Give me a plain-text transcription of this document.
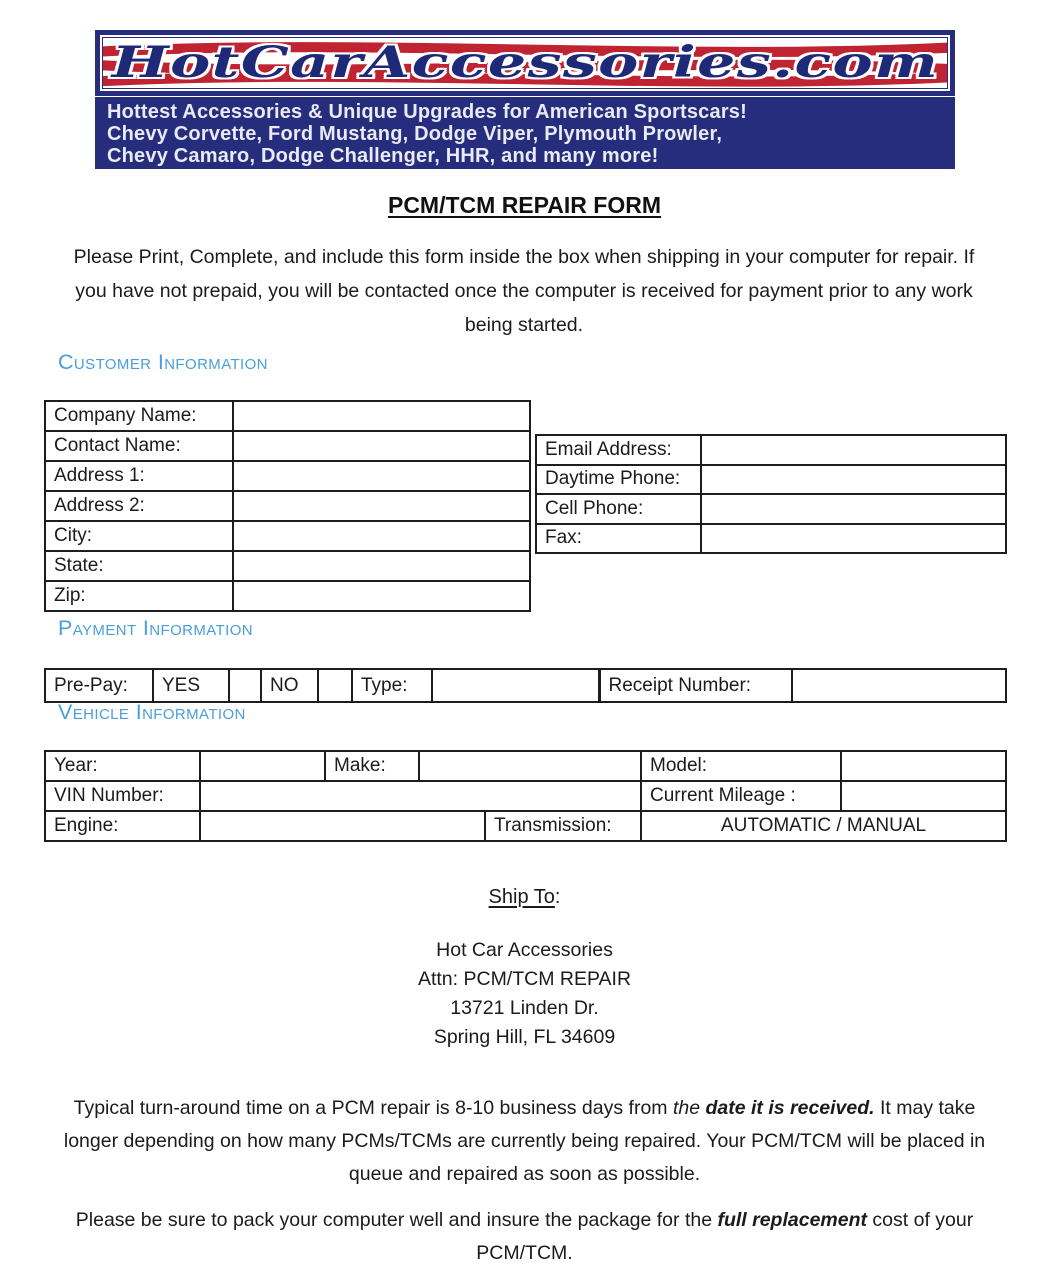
HotCarAccessories.com
Hottest Accessories & Unique Upgrades for American Sportscars!
Chevy Corvette, Ford Mustang, Dodge Viper, Plymouth Prowler,
Chevy Camaro, Dodge Challenger, HHR, and many more!
PCM/TCM REPAIR FORM

Please Print, Complete, and include this form inside the box when shipping in your computer for repair. If you have not prepaid, you will be contacted once the computer is received for payment prior to any work being started.

Customer Information
Company Name:	
Contact Name:	
Address 1:	
Address 2:	
City:	
State:	
Zip:	
Email Address:	
Daytime Phone:	
Cell Phone:	
Fax:	
Payment Information
Pre-Pay:	YES		NO		Type:		Receipt Number:	
Vehicle Information
Year:		Make:			Model:	
VIN Number:					Current Mileage :	
Engine:				Transmission:	AUTOMATIC / MANUAL	
Ship To:
Hot Car Accessories
Attn: PCM/TCM REPAIR
13721 Linden Dr.
Spring Hill, FL 34609

Typical turn-around time on a PCM repair is 8-10 business days from the date it is received. It may take longer depending on how many PCMs/TCMs are currently being repaired. Your PCM/TCM will be placed in queue and repaired as soon as possible.

Please be sure to pack your computer well and insure the package for the full replacement cost of your PCM/TCM.
